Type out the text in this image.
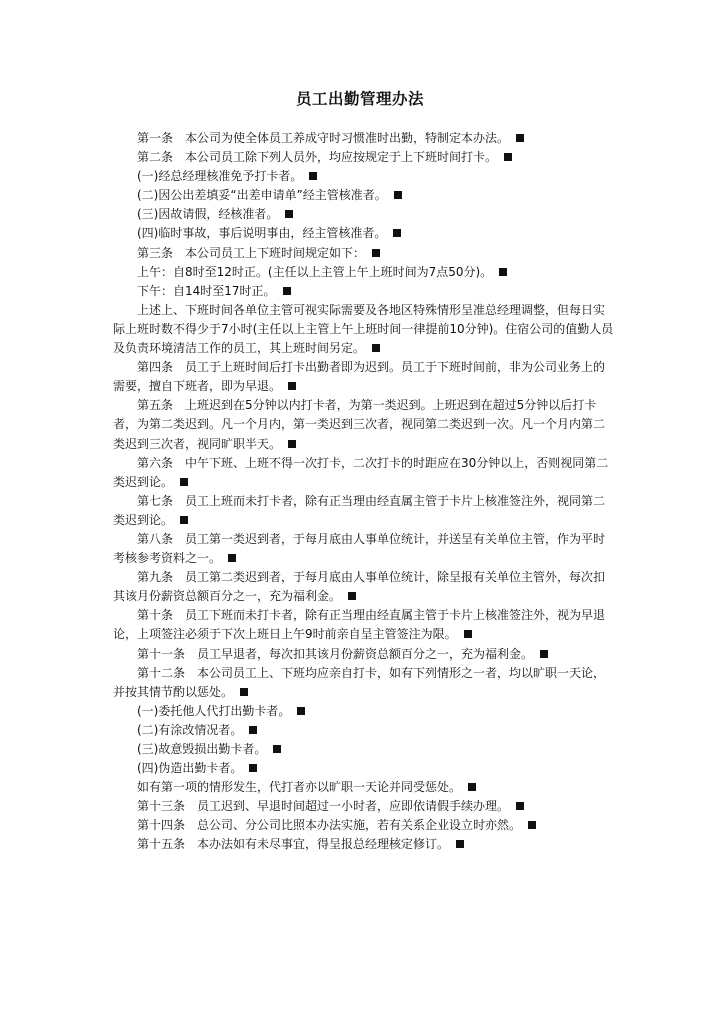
员工出勤管理办法

第一条　本公司为使全体员工养成守时习惯准时出勤，特制定本办法。

第二条　本公司员工除下列人员外，均应按规定于上下班时间打卡。

(一)经总经理核准免予打卡者。

(二)因公出差填妥“出差申请单”经主管核准者。

(三)因故请假，经核准者。

(四)临时事故，事后说明事由，经主管核准者。

第三条　本公司员工上下班时间规定如下：

上午：自8时至12时正。(主任以上主管上午上班时间为7点50分)。

下午：自14时至17时正。

上述上、下班时间各单位主管可视实际需要及各地区特殊情形呈准总经理调整，但每日实际上班时数不得少于7小时(主任以上主管上午上班时间一律提前10分钟)。住宿公司的值勤人员及负责环境清洁工作的员工，其上班时间另定。

第四条　员工于上班时间后打卡出勤者即为迟到。员工于下班时间前，非为公司业务上的需要，擅自下班者，即为早退。

第五条　上班迟到在5分钟以内打卡者，为第一类迟到。上班迟到在超过5分钟以后打卡者，为第二类迟到。凡一个月内，第一类迟到三次者，视同第二类迟到一次。凡一个月内第二类迟到三次者，视同旷职半天。

第六条　中午下班、上班不得一次打卡，二次打卡的时距应在30分钟以上，否则视同第二类迟到论。

第七条　员工上班而未打卡者，除有正当理由经直属主管于卡片上核准签注外，视同第二类迟到论。

第八条　员工第一类迟到者，于每月底由人事单位统计，并送呈有关单位主管，作为平时考核参考资料之一。

第九条　员工第二类迟到者，于每月底由人事单位统计，除呈报有关单位主管外，每次扣其该月份薪资总额百分之一，充为福利金。

第十条　员工下班而未打卡者，除有正当理由经直属主管于卡片上核准签注外，视为早退论，上项签注必须于下次上班日上午9时前亲自呈主管签注为限。

第十一条　员工早退者，每次扣其该月份薪资总额百分之一，充为福利金。

第十二条　本公司员工上、下班均应亲自打卡，如有下列情形之一者，均以旷职一天论，并按其情节酌以惩处。

(一)委托他人代打出勤卡者。

(二)有涂改情况者。

(三)故意毁损出勤卡者。

(四)伪造出勤卡者。

如有第一项的情形发生，代打者亦以旷职一天论并同受惩处。

第十三条　员工迟到、早退时间超过一小时者，应即依请假手续办理。

第十四条　总公司、分公司比照本办法实施，若有关系企业设立时亦然。

第十五条　本办法如有未尽事宜，得呈报总经理核定修订。
